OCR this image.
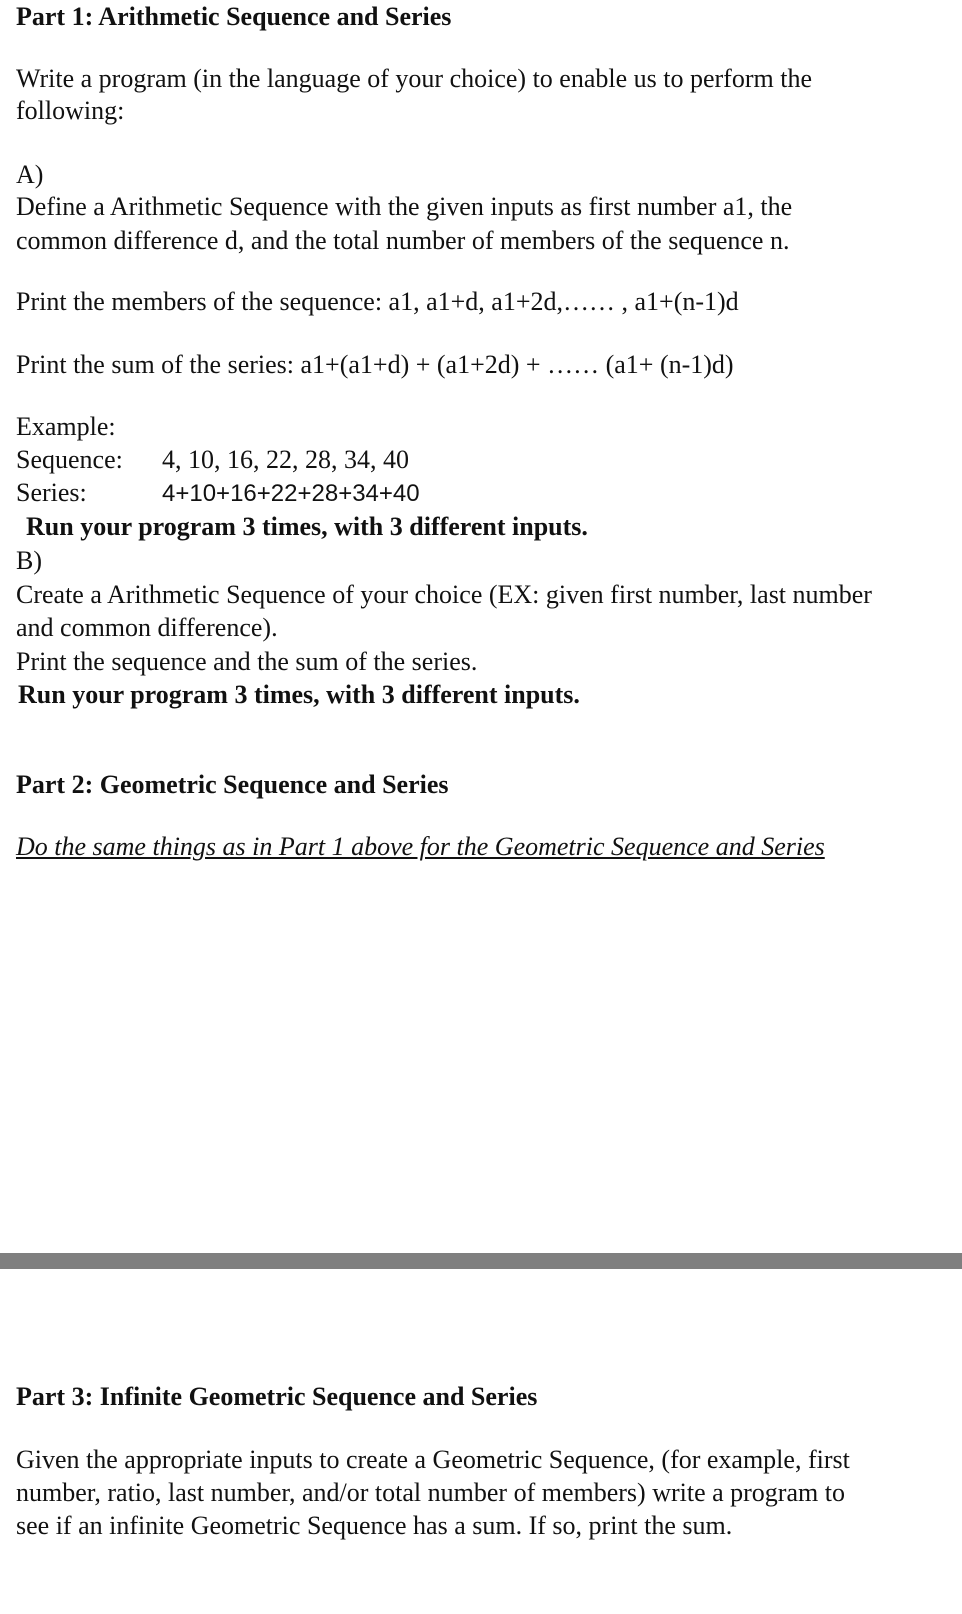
Part 1: Arithmetic Sequence and Series
Write a program (in the language of your choice) to enable us to perform the
following:
A)
Define a Arithmetic Sequence with the given inputs as first number a1, the
common difference d, and the total number of members of the sequence n.
Print the members of the sequence: a1, a1+d, a1+2d,…… , a1+(n-1)d
Print the sum of the series: a1+(a1+d) + (a1+2d) + …… (a1+ (n-1)d)
Example:
Sequence: 4, 10, 16, 22, 28, 34, 40
Series:	4+10+16+22+28+34+40
Run your program 3 times, with 3 different inputs.
B)
Create a Arithmetic Sequence of your choice (EX: given first number, last number
and common difference).
Print the sequence and the sum of the series.
Run your program 3 times, with 3 different inputs.
Part 2: Geometric Sequence and Series
Do the same things as in Part 1 above for the Geometric Sequence and Series
Part 3: Infinite Geometric Sequence and Series
Given the appropriate inputs to create a Geometric Sequence, (for example, first
number, ratio, last number, and/or total number of members) write a program to
see if an infinite Geometric Sequence has a sum. If so, print the sum.
